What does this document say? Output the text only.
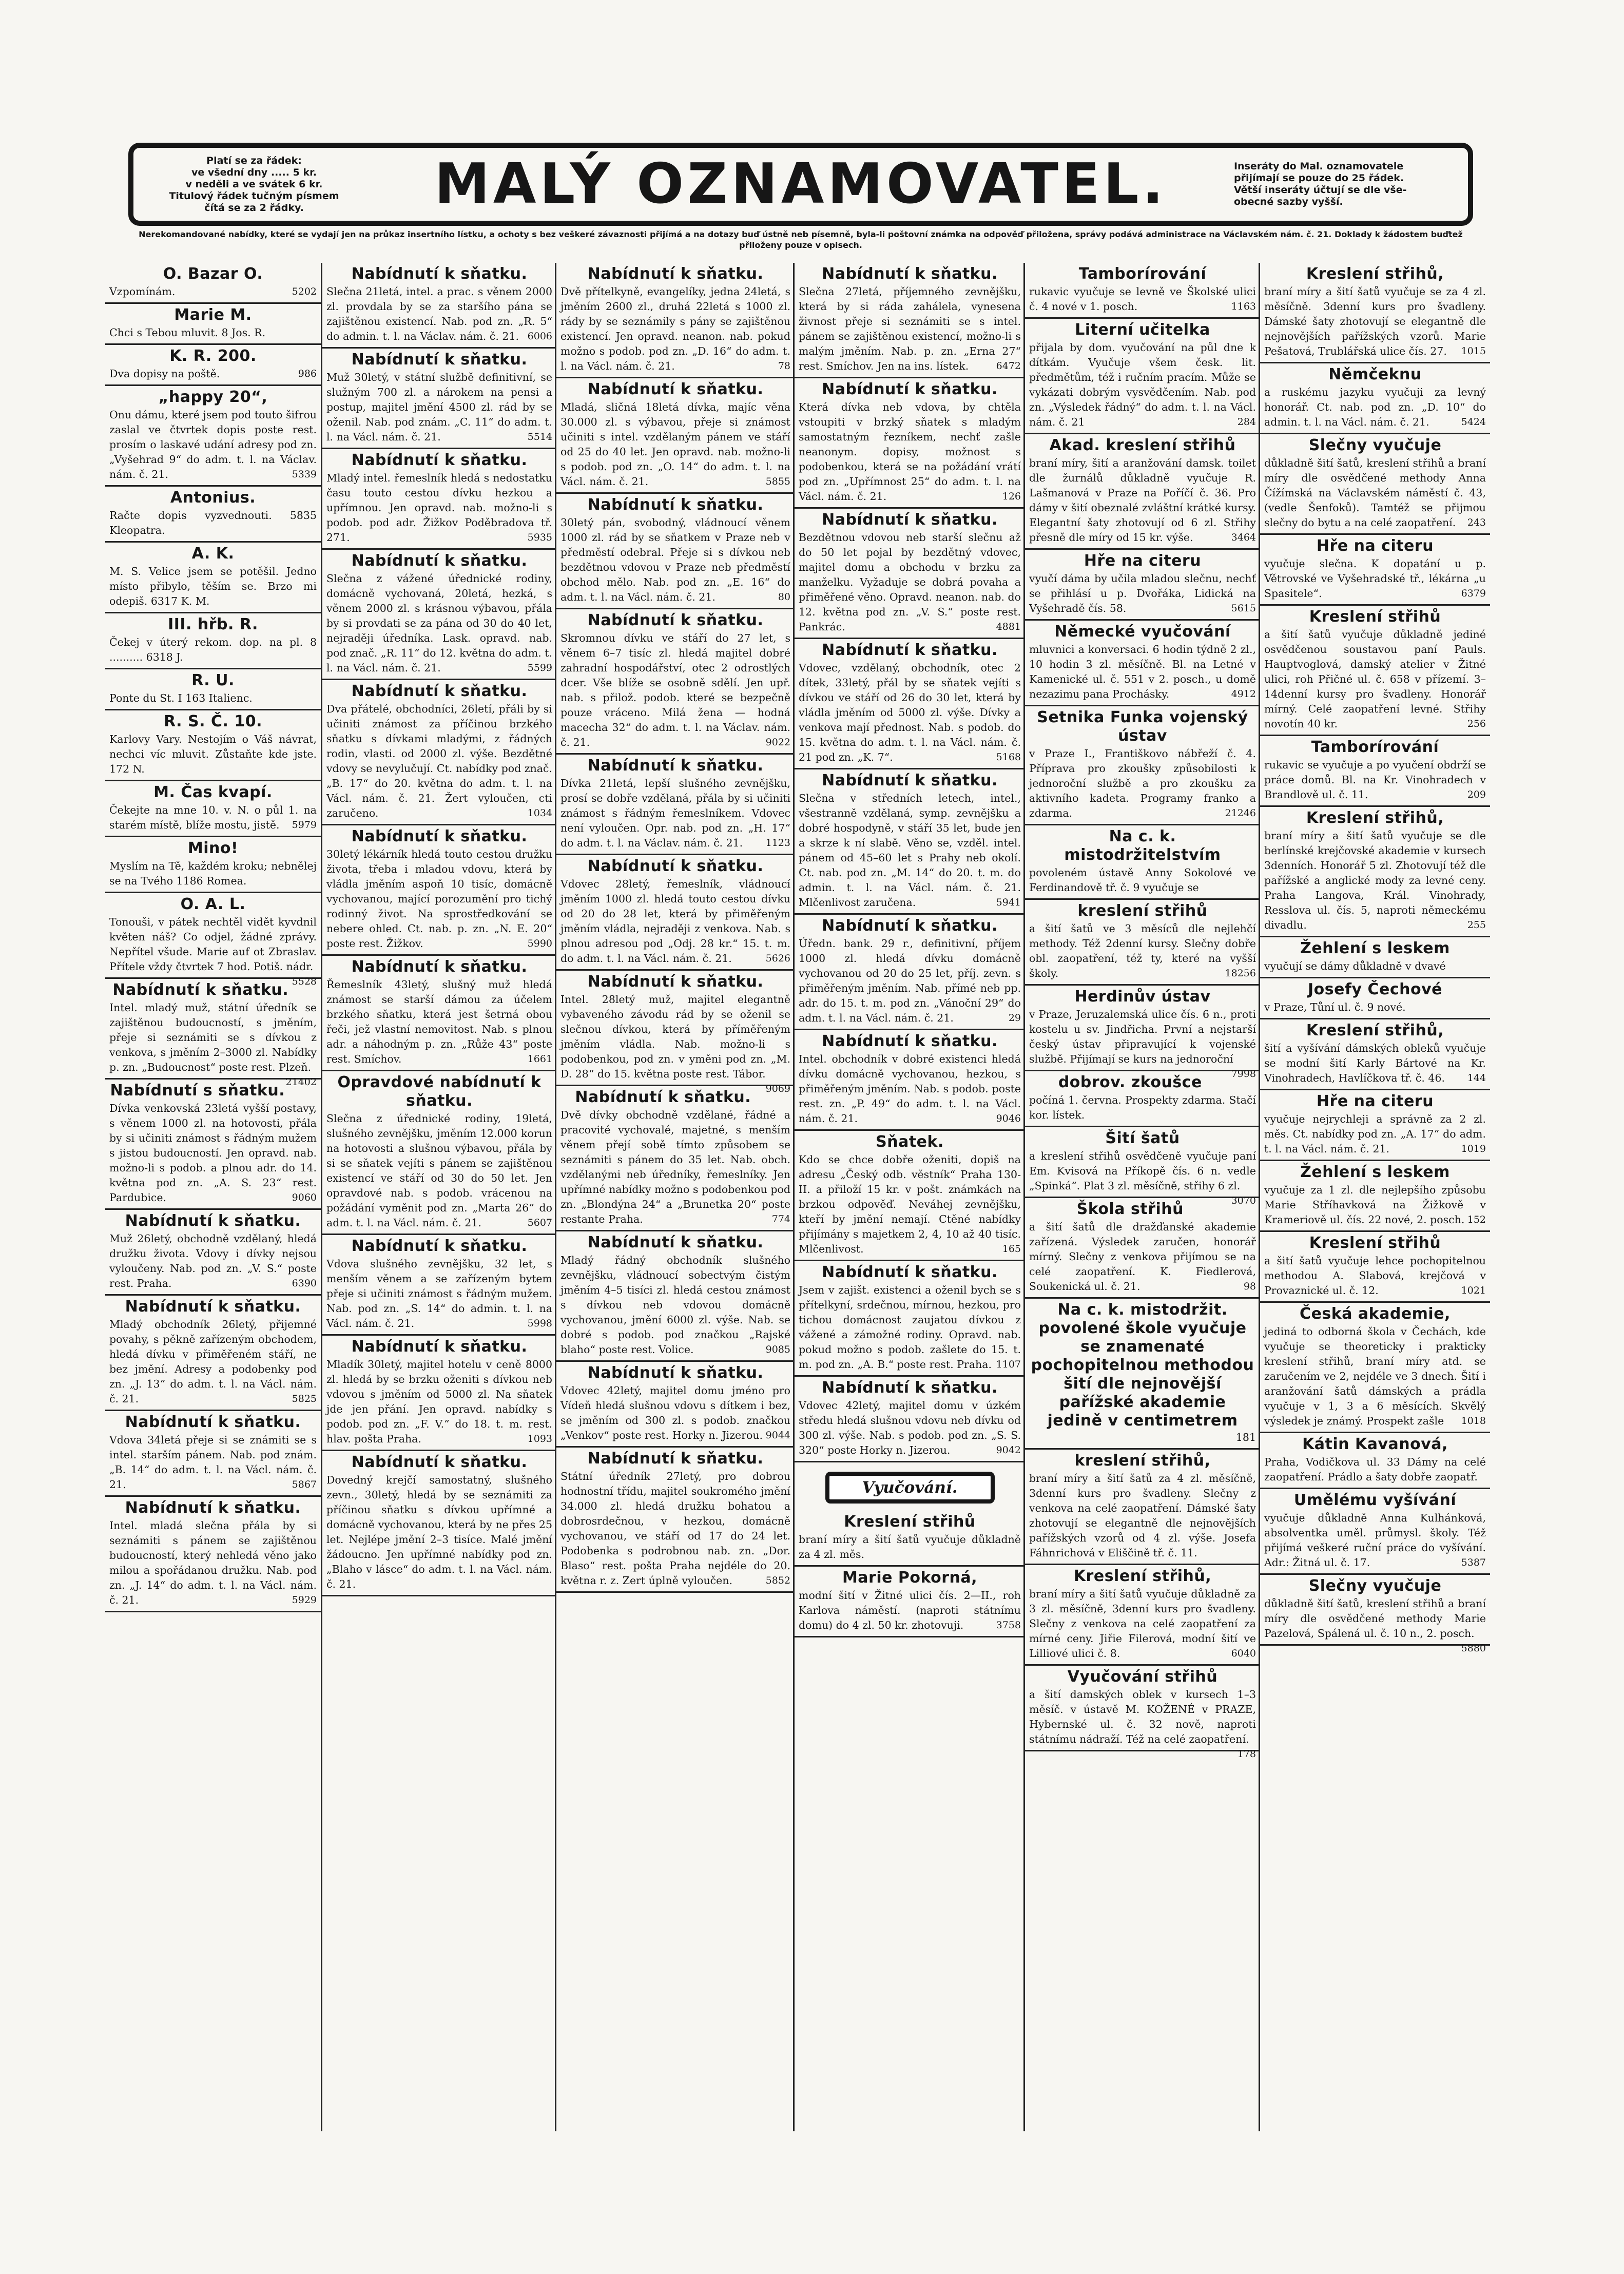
Platí se za řádek:
ve všední dny ..... 5 kr.
v neděli a ve svátek 6 kr.
Titulový řádek tučným písmem
čítá se za 2 řádky.	MALÝ OZNAMOVATEL.	Inseráty do Mal. oznamovatele
přijímají se pouze do 25 řádek.
Větší inseráty účtují se dle vše-
obecné sazby vyšší.
Nerekomandované nabídky, které se vydají jen na průkaz insertního lístku, a ochoty s bez veškeré závaznosti přijímá a na dotazy buď ústně neb písemně, byla-li poštovní známka na odpověď přiložena, správy podává administrace na Václavském nám. č. 21. Doklady k žádostem buďtež přiloženy pouze v opisech.
O. Bazar O.
Vzpomínám.	5202
Marie M.
Chci s Tebou mluvit. 8 Jos. R.
K. R. 200.
Dva dopisy na poště.	986
„happy 20“,
Onu dámu, které jsem pod touto šifrou zaslal ve čtvrtek dopis poste rest. prosím o laskavé udání adresy pod zn. „Vyšehrad 9“ do adm. t. l. na Václav. nám. č. 21.	5339
Antonius.
Račte dopis vyzvednouti. 5835 Kleopatra.
A. K.
M. S. Velice jsem se potěšil. Jedno místo přibylo, těším se. Brzo mi odepiš. 6317 K. M.
III. hřb. R.
Čekej v úterý rekom. dop. na pl. 8 .......... 6318 J.
R. U.
Ponte du St. I 163 Italienc.
R. S. Č. 10.
Karlovy Vary. Nestojím o Váš návrat, nechci víc mluvit. Zůstaňte kde jste. 172 N.
M. Čas kvapí.
Čekejte na mne 10. v. N. o půl 1. na starém místě, blíže mostu, jistě. 5979
Mino!
Myslím na Tě, každém kroku; nebnělej se na Tvého 1186 Romea.
O. A. L.
Tonouši, v pátek nechtěl vidět kyvdnil květen náš? Co odjel, žádné zprávy. Nepřítel všude. Marie auf ot Zbraslav. Přítele vždy čtvrtek 7 hod. Potiš. nádr.
5528
Nabídnutí k sňatku.
Intel. mladý muž, státní úředník se zajištěnou budoucností, s jměním, přeje si seznámiti se s dívkou z venkova, s jměním 2–3000 zl. Nabídky p. zn. „Budoucnost“ poste rest. Plzeň.
21402
Nabídnutí s sňatku.
Dívka venkovská 23letá vyšší postavy, s věnem 1000 zl. na hotovosti, přála by si učiniti známost s řádným mužem s jistou budoucností. Jen opravd. nab. možno-li s podob. a plnou adr. do 14. května pod zn. „A. S. 23“ rest. Pardubice.	9060
Nabídnutí k sňatku.
Muž 26letý, obchodně vzdělaný, hledá družku života. Vdovy i dívky nejsou vyloučeny. Nab. pod zn. „V. S.“ poste rest. Praha.	6390
Nabídnutí k sňatku.
Mladý obchodník 26letý, přijemné povahy, s pěkně zařízeným obchodem, hledá dívku v přiměřeném stáří, ne bez jmění. Adresy a podobenky pod zn. „J. 13“ do adm. t. l. na Václ. nám. č. 21.	5825
Nabídnutí k sňatku.
Vdova 34letá přeje si se známiti se s intel. starším pánem. Nab. pod znám. „B. 14“ do adm. t. l. na Václ. nám. č. 21.	5867
Nabídnutí k sňatku.
Intel. mladá slečna přála by si seznámiti s pánem se zajištěnou budoucností, který nehledá věno jako milou a spořádanou družku. Nab. pod zn. „J. 14“ do adm. t. l. na Václ. nám. č. 21.	5929
Nabídnutí k sňatku.
Slečna 21letá, intel. a prac. s věnem 2000 zl. provdala by se za staršího pána se zajištěnou existencí. Nab. pod zn. „R. 5“ do admin. t. l. na Václav. nám. č. 21. 6006
Nabídnutí k sňatku.
Muž 30letý, v státní službě definitivní, se služným 700 zl. a nárokem na pensi a postup, majitel jmění 4500 zl. rád by se oženil. Nab. pod znám. „C. 11“ do adm. t. l. na Václ. nám. č. 21.	5514
Nabídnutí k sňatku.
Mladý intel. řemeslník hledá s nedostatku času touto cestou dívku hezkou a upřímnou. Jen opravd. nab. možno-li s podob. pod adr. Žižkov Poděbradova tř. 271.	5935
Nabídnutí k sňatku.
Slečna z vážené úřednické rodiny, domácně vychovaná, 20letá, hezká, s věnem 2000 zl. s krásnou výbavou, přála by si provdati se za pána od 30 do 40 let, nejraději úředníka. Lask. opravd. nab. pod znač. „R. 11“ do 12. května do adm. t. l. na Václ. nám. č. 21.	5599
Nabídnutí k sňatku.
Dva přátelé, obchodníci, 26letí, přáli by si učiniti známost za příčinou brzkého sňatku s dívkami mladými, z řádných rodin, vlasti. od 2000 zl. výše. Bezdětné vdovy se nevylučují. Ct. nabídky pod znač. „B. 17“ do 20. května do adm. t. l. na Václ. nám. č. 21. Žert vyloučen, cti zaručeno.	1034
Nabídnutí k sňatku.
30letý lékárník hledá touto cestou družku života, třeba i mladou vdovu, která by vládla jměním aspoň 10 tisíc, domácně vychovanou, mající porozumění pro tichý rodinný život. Na sprostředkování se nebere ohled. Ct. nab. p. zn. „N. E. 20“ poste rest. Žižkov.	5990
Nabídnutí k sňatku.
Řemeslník 43letý, slušný muž hledá známost se starší dámou za účelem brzkého sňatku, která jest šetrná obou řeči, jež vlastní nemovitost. Nab. s plnou adr. a náhodným p. zn. „Růže 43“ poste rest. Smíchov.	1661
Opravdové nabídnutí k sňatku.
Slečna z úřednické rodiny, 19letá, slušného zevnějšku, jměním 12.000 korun na hotovosti a slušnou výbavou, přála by si se sňatek vejíti s pánem se zajištěnou existencí ve stáří od 30 do 50 let. Jen opravdové nab. s podob. vrácenou na požádání vyměnit pod zn. „Marta 26“ do adm. t. l. na Václ. nám. č. 21.	5607
Nabídnutí k sňatku.
Vdova slušného zevnějšku, 32 let, s menším věnem a se zařízeným bytem přeje si učiniti známost s řádným mužem. Nab. pod zn. „S. 14“ do admin. t. l. na Václ. nám. č. 21.	5998
Nabídnutí k sňatku.
Mladík 30letý, majitel hotelu v ceně 8000 zl. hledá by se brzku oženiti s dívkou neb vdovou s jměním od 5000 zl. Na sňatek jde jen přání. Jen opravd. nabídky s podob. pod zn. „F. V.“ do 18. t. m. rest. hlav. pošta Praha.	1093
Nabídnutí k sňatku.
Dovedný krejčí samostatný, slušného zevn., 30letý, hledá by se seznámiti za příčinou sňatku s dívkou upřímné a domácně vychovanou, která by ne přes 25 let. Nejlépe jmění 2–3 tisíce. Malé jmění žádoucno. Jen upřímné nabídky pod zn. „Blaho v lásce“ do adm. t. l. na Václ. nám. č. 21.
Nabídnutí k sňatku.
Dvě přítelkyně, evangelíky, jedna 24letá, s jměním 2600 zl., druhá 22letá s 1000 zl. rády by se seznámily s pány se zajištěnou existencí. Jen opravd. neanon. nab. pokud možno s podob. pod zn. „D. 16“ do adm. t. l. na Václ. nám. č. 21.	78
Nabídnutí k sňatku.
Mladá, sličná 18letá dívka, majíc věna 30.000 zl. s výbavou, přeje si známost učiniti s intel. vzdělaným pánem ve stáří od 25 do 40 let. Jen opravd. nab. možno-li s podob. pod zn. „O. 14“ do adm. t. l. na Václ. nám. č. 21.	5855
Nabídnutí k sňatku.
30letý pán, svobodný, vládnoucí věnem 1000 zl. rád by se sňatkem v Praze neb v předměstí odebral. Přeje si s dívkou neb bezdětnou vdovou v Praze neb předměstí obchod mělo. Nab. pod zn. „E. 16“ do adm. t. l. na Václ. nám. č. 21.	80
Nabídnutí k sňatku.
Skromnou dívku ve stáří do 27 let, s věnem 6–7 tisíc zl. hledá majitel dobré zahradní hospodářství, otec 2 odrostlých dcer. Vše blíže se osobně sdělí. Jen upř. nab. s přilož. podob. které se bezpečně pouze vráceno. Milá žena — hodná macecha 32“ do adm. t. l. na Václav. nám. č. 21.	9022
Nabídnutí k sňatku.
Dívka 21letá, lepší slušného zevnějšku, prosí se dobře vzdělaná, přála by si učiniti známost s řádným řemeslníkem. Vdovec není vyloučen. Opr. nab. pod zn. „H. 17“ do adm. t. l. na Václav. nám. č. 21. 1123
Nabídnutí k sňatku.
Vdovec 28letý, řemeslník, vládnoucí jměním 1000 zl. hledá touto cestou dívku od 20 do 28 let, která by přiměřeným jměním vládla, nejraději z venkova. Nab. s plnou adresou pod „Odj. 28 kr.“ 15. t. m. do adm. t. l. na Václ. nám. č. 21.	5626
Nabídnutí k sňatku.
Intel. 28letý muž, majitel elegantně vybaveného závodu rád by se oženil se slečnou dívkou, která by příměřeným jměním vládla. Nab. možno-li s podobenkou, pod zn. v yměni pod zn. „M. D. 28“ do 15. května poste rest. Tábor.
9069
Nabídnutí k sňatku.
Dvě dívky obchodně vzdělané, řádné a pracovité vychovalé, majetné, s menším věnem přejí sobě tímto způsobem se seznámiti s pánem do 35 let. Nab. obch. vzdělanými neb úředníky, řemeslníky. Jen upřímné nabídky možno s podobenkou pod zn. „Blondýna 24“ a „Brunetka 20“ poste restante Praha.	774
Nabídnutí k sňatku.
Mladý řádný obchodník slušného zevnějšku, vládnoucí sobectvým čistým jměním 4–5 tisíci zl. hledá cestou známost s dívkou neb vdovou domácně vychovanou, jmění 6000 zl. výše. Nab. se dobré s podob. pod značkou „Rajské blaho“ poste rest. Volice.	9085
Nabídnutí k sňatku.
Vdovec 42letý, majitel domu jméno pro Vídeň hledá slušnou vdovu s dítkem i bez, se jměním od 300 zl. s podob. značkou „Venkov“ poste rest. Horky n. Jizerou. 9044
Nabídnutí k sňatku.
Státní úředník 27letý, pro dobrou hodnostní třídu, majitel soukromého jmění 34.000 zl. hledá družku bohatou a dobrosrdečnou, v hezkou, domácně vychovanou, ve stáří od 17 do 24 let. Podobenka s podrobnou nab. zn. „Dor. Blaso“ rest. pošta Praha nejdéle do 20. května r. z. Zert úplně vyloučen.	5852
Nabídnutí k sňatku.
Slečna 27letá, příjemného zevnějšku, která by si ráda zahálela, vynesena živnost přeje si seznámiti se s intel. pánem se zajištěnou existencí, možno-li s malým jměním. Nab. p. zn. „Erna 27“ rest. Smíchov. Jen na ins. lístek.	6472
Nabídnutí k sňatku.
Která dívka neb vdova, by chtěla vstoupiti v brzký sňatek s mladým samostatným řezníkem, nechť zašle neanonym. dopisy, možnost s podobenkou, která se na požádání vrátí pod zn. „Upřímnost 25“ do adm. t. l. na Václ. nám. č. 21.	126
Nabídnutí k sňatku.
Bezdětnou vdovou neb starší slečnu až do 50 let pojal by bezdětný vdovec, majitel domu a obchodu v brzku za manželku. Vyžaduje se dobrá povaha a přiměřené věno. Opravd. neanon. nab. do 12. května pod zn. „V. S.“ poste rest. Pankrác.	4881
Nabídnutí k sňatku.
Vdovec, vzdělaný, obchodník, otec 2 dítek, 33letý, přál by se sňatek vejíti s dívkou ve stáří od 26 do 30 let, která by vládla jměním od 5000 zl. výše. Dívky a venkova mají přednost. Nab. s podob. do 15. května do adm. t. l. na Václ. nám. č. 21 pod zn. „K. 7“.	5168
Nabídnutí k sňatku.
Slečna v středních letech, intel., všestranně vzdělaná, symp. zevnějšku a dobré hospodyně, v stáří 35 let, bude jen a skrze k ní slabě. Věno se, vzděl. intel. pánem od 45–60 let s Prahy neb okolí. Ct. nab. pod zn. „M. 14“ do 20. t. m. do admin. t. l. na Václ. nám. č. 21. Mlčenlivost zaručena.	5941
Nabídnutí k sňatku.
Úředn. bank. 29 r., definitivní, příjem 1000 zl. hledá dívku domácně vychovanou od 20 do 25 let, příj. zevn. s přiměřeným jměním. Nab. přímé neb pp. adr. do 15. t. m. pod zn. „Vánoční 29“ do adm. t. l. na Václ. nám. č. 21.	29
Nabídnutí k sňatku.
Intel. obchodník v dobré existenci hledá dívku domácně vychovanou, hezkou, s přiměřeným jměním. Nab. s podob. poste rest. zn. „P. 49“ do adm. t. l. na Václ. nám. č. 21.	9046
Sňatek.
Kdo se chce dobře oženiti, dopiš na adresu „Český odb. věstník“ Praha 130-II. a přiloží 15 kr. v pošt. známkách na brzkou odpověď. Neváhej zevnějšku, kteří by jmění nemají. Ctěné nabídky přijímány s majetkem 2, 4, 10 až 40 tisíc. Mlčenlivost.	165
Nabídnutí k sňatku.
Jsem v zajišt. existenci a oženil bych se s přítelkyní, srdečnou, mírnou, hezkou, pro tichou domácnost zaujatou dívkou z vážené a zámožné rodiny. Opravd. nab. pokud možno s podob. zašlete do 15. t. m. pod zn. „A. B.“ poste rest. Praha. 1107
Nabídnutí k sňatku.
Vdovec 42letý, majitel domu v úzkém středu hledá slušnou vdovu neb dívku od 300 zl. výše. Nab. s podob. pod zn. „S. S. 320“ poste Horky n. Jizerou.	9042
Vyučování.
Kreslení střihů
braní míry a šití šatů vyučuje důkladně za 4 zl. měs.
Marie Pokorná,
modní šití v Žitné ulici čís. 2—II., roh Karlova náměstí. (naproti státnímu domu) do 4 zl. 50 kr. zhotovuji.	3758
Tamborírování
rukavic vyučuje se levně ve Školské ulici č. 4 nové v 1. posch.	1163
Literní učitelka
přijala by dom. vyučování na půl dne k dítkám. Vyučuje všem česk. lit. předmětům, též i ručním pracím. Může se vykázati dobrým vysvědčením. Nab. pod zn. „Výsledek řádný“ do adm. t. l. na Václ. nám. č. 21	284
Akad. kreslení střihů
braní míry, šití a aranžování damsk. toilet dle žurnálů důkladně vyučuje R. Lašmanová v Praze na Poříčí č. 36. Pro dámy v šití obeznalé zvláštní krátké kursy. Elegantní šaty zhotovují od 6 zl. Střihy přesně dle míry od 15 kr. výše.	3464
Hře na citeru
vyučí dáma by učila mladou slečnu, nechť se přihlásí u p. Dvořáka, Lidická na Vyšehradě čís. 58.	5615
Německé vyučování
mluvnici a konversaci. 6 hodin týdně 2 zl., 10 hodin 3 zl. měsíčně. Bl. na Letné v Kamenické ul. č. 551 v 2. posch., u domě nezazimu pana Prochásky.	4912
Setnika Funka vojenský ústav
v Praze I., Františkovo nábřeží č. 4. Příprava pro zkoušky způsobilosti k jednoroční službě a pro zkoušku za aktivního kadeta. Programy franko a zdarma.	21246
Na c. k. mistodržitelstvím
povoleném ústavě Anny Sokolové ve Ferdinandově tř. č. 9 vyučuje se
kreslení střihů
a šití šatů ve 3 měsíců dle nejlehčí methody. Též 2denní kursy. Slečny dobře obl. zaopatření, též ty, které na vyšší školy.	18256
Herdinův ústav
v Praze, Jeruzalemská ulice čís. 6 n., proti kostelu u sv. Jindřicha. První a nejstarší český ústav připravující k vojenské službě. Přijímají se kurs na jednoroční
7998
dobrov. zkoušce
počíná 1. června. Prospekty zdarma. Stačí kor. lístek.
Šití šatů
a kreslení střihů osvědčeně vyučuje paní Em. Kvisová na Příkopě čís. 6 n. vedle „Spinká“. Plat 3 zl. měsíčně, střihy 6 zl.
3070
Škola střihů
a šití šatů dle dražďanské akademie zařízená. Výsledek zaručen, honorář mírný. Slečny z venkova přijímou se na celé zaopatření. K. Fiedlerová, Soukenická ul. č. 21.	98
Na c. k. mistodržit. povolené škole vyučuje se znamenaté pochopitelnou methodou šití dle nejnovější pařížské akademie jedině v centimetrem
181
kreslení střihů,
braní míry a šití šatů za 4 zl. měsíčně, 3denní kurs pro švadleny. Slečny z venkova na celé zaopatření. Dámské šaty zhotovují se elegantně dle nejnovějších pařížských vzorů od 4 zl. výše. Josefa Fáhnrichová v Eliščině tř. č. 11.
Kreslení střihů,
braní míry a šití šatů vyučuje důkladně za 3 zl. měsíčně, 3denní kurs pro švadleny. Slečny z venkova na celé zaopatření za mírné ceny. Jiřie Filerová, modní šití ve Lilliové ulici č. 8.	6040
Vyučování střihů
a šití damských oblek v kursech 1–3 měsíč. v ústavě M. KOŽENÉ v PRAZE, Hybernské ul. č. 32 nově, naproti státnímu nádraží. Též na celé zaopatření.
178
Kreslení střihů,
braní míry a šití šatů vyučuje se za 4 zl. měsíčně. 3denní kurs pro švadleny. Dámské šaty zhotovují se elegantně dle nejnovějších pařížských vzorů. Marie Pešatová, Trublářská ulice čís. 27. 1015
Němčeknu
a ruskému jazyku vyučuji za levný honorář. Ct. nab. pod zn. „D. 10“ do admin. t. l. na Václ. nám. č. 21.	5424
Slečny vyučuje
důkladně šití šatů, kreslení střihů a braní míry dle osvědčené methody Anna Čížímská na Václavském náměstí č. 43, (vedle Šenfoků). Tamtéž se přijmou slečny do bytu a na celé zaopatření. 243
Hře na citeru
vyučuje slečna. K dopatání u p. Větrovské ve Vyšehradské tř., lékárna „u Spasitele“.	6379
Kreslení střihů
a šití šatů vyučuje důkladně jediné osvědčenou soustavou paní Pauls. Hauptvoglová, damský atelier v Žitné ulici, roh Přičné ul. č. 658 v přízemí. 3–14denní kursy pro švadleny. Honorář mírný. Celé zaopatření levné. Střihy novotín 40 kr.	256
Tamborírování
rukavic se vyučuje a po vyučení obdrží se práce domů. Bl. na Kr. Vinohradech v Brandlově ul. č. 11.	209
Kreslení střihů,
braní míry a šití šatů vyučuje se dle berlínské krejčovské akademie v kursech 3denních. Honorář 5 zl. Zhotovují též dle pařížské a anglické mody za levné ceny. Praha Langova, Král. Vinohrady, Resslova ul. čís. 5, naproti německému divadlu.	255
Žehlení s leskem
vyučují se dámy důkladně v dvavé
Josefy Čechové
v Praze, Tůní ul. č. 9 nové.
Kreslení střihů,
šití a vyšívání dámských obleků vyučuje se modní šití Karly Bártové na Kr. Vinohradech, Havlíčkova tř. č. 46. 144
Hře na citeru
vyučuje nejrychleji a správně za 2 zl. měs. Ct. nabídky pod zn. „A. 17“ do adm. t. l. na Václ. nám. č. 21.	1019
Žehlení s leskem
vyučuje za 1 zl. dle nejlepšího způsobu Marie Stříhavková na Žižkově v Krameriově ul. čís. 22 nové, 2. posch. 152
Kreslení střihů
a šití šatů vyučuje lehce pochopitelnou methodou A. Slabová, krejčová v Provaznické ul. č. 12.	1021
Česká akademie,
jediná to odborná škola v Čechách, kde vyučuje se theoreticky i prakticky kreslení střihů, braní míry atd. se zaručením ve 2, nejdéle ve 3 dnech. Šití i aranžování šatů dámských a prádla vyučuje v 1, 3 a 6 měsících. Skvělý výsledek je známý. Prospekt zašle 1018
Kátin Kavanová,
Praha, Vodičkova ul. 33 Dámy na celé zaopatření. Prádlo a šaty dobře zaopatř.
Umělému vyšívání
vyučuje důkladně Anna Kulhánková, absolventka uměl. průmysl. školy. Též přijímá veškeré ruční práce do vyšívání. Adr.: Žitná ul. č. 17.	5387
Slečny vyučuje
důkladně šití šatů, kreslení střihů a braní míry dle osvědčené methody Marie Pazelová, Spálená ul. č. 10 n., 2. posch.
5880
